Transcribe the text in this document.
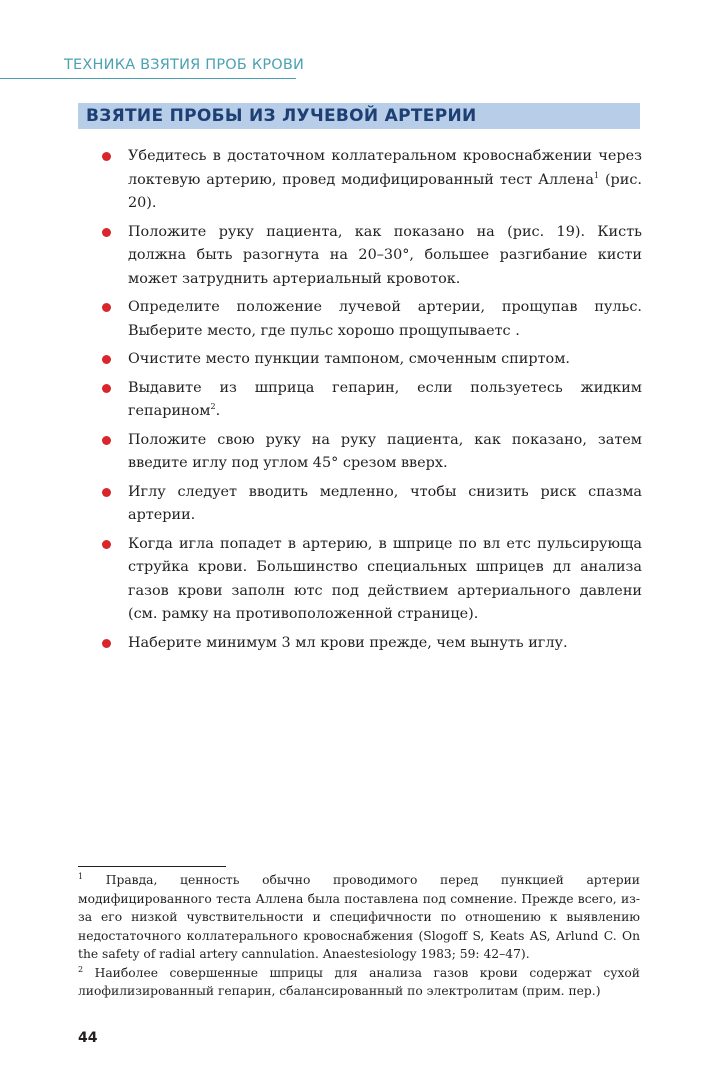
ТЕХНИКА ВЗЯТИЯ ПРОБ КРОВИ
ВЗЯТИЕ ПРОБЫ ИЗ ЛУЧЕВОЙ АРТЕРИИ
Убедитесь в достаточном коллатеральном кровоснабжении через локтевую артерию, провед модифицированный тест Аллена$^1$ (рис. 20).
Положите руку пациента, как показано на (рис. 19). Кисть должна быть разогнута на 20–30°, большее разгибание кисти может затруднить артериальный кровоток.
Определите положение лучевой артерии, прощупав пульс. Выберите место, где пульс хорошо прощупываетс .
Очистите место пункции тампоном, смоченным спиртом.
Выдавите из шприца гепарин, если пользуетесь жидким гепарином$^2$.
Положите свою руку на руку пациента, как показано, затем введите иглу под углом 45° срезом вверх.
Иглу следует вводить медленно, чтобы снизить риск спазма артерии.
Когда игла попадет в артерию, в шприце по вл етс пульсирующа струйка крови. Большинство специальных шприцев дл анализа газов крови заполн ютс под действием артериального давлени (см. рамку на противоположенной странице).
Наберите минимум 3 мл крови прежде, чем вынуть иглу.

$^1$ Правда, ценность обычно проводимого перед пункцией артерии модифицированного теста Аллена была поставлена под сомнение. Прежде всего, из-за его низкой чувствительности и специфичности по отношению к выявлению недостаточного коллатерального кровоснабжения (Slogoff S, Keats AS, Arlund C. On the safety of radial artery cannulation. Anaestesiology 1983; 59: 42–47).

$^2$ Наиболее совершенные шприцы для анализа газов крови содержат сухой лиофилизированный гепарин, сбалансированный по электролитам (прим. пер.)

44
